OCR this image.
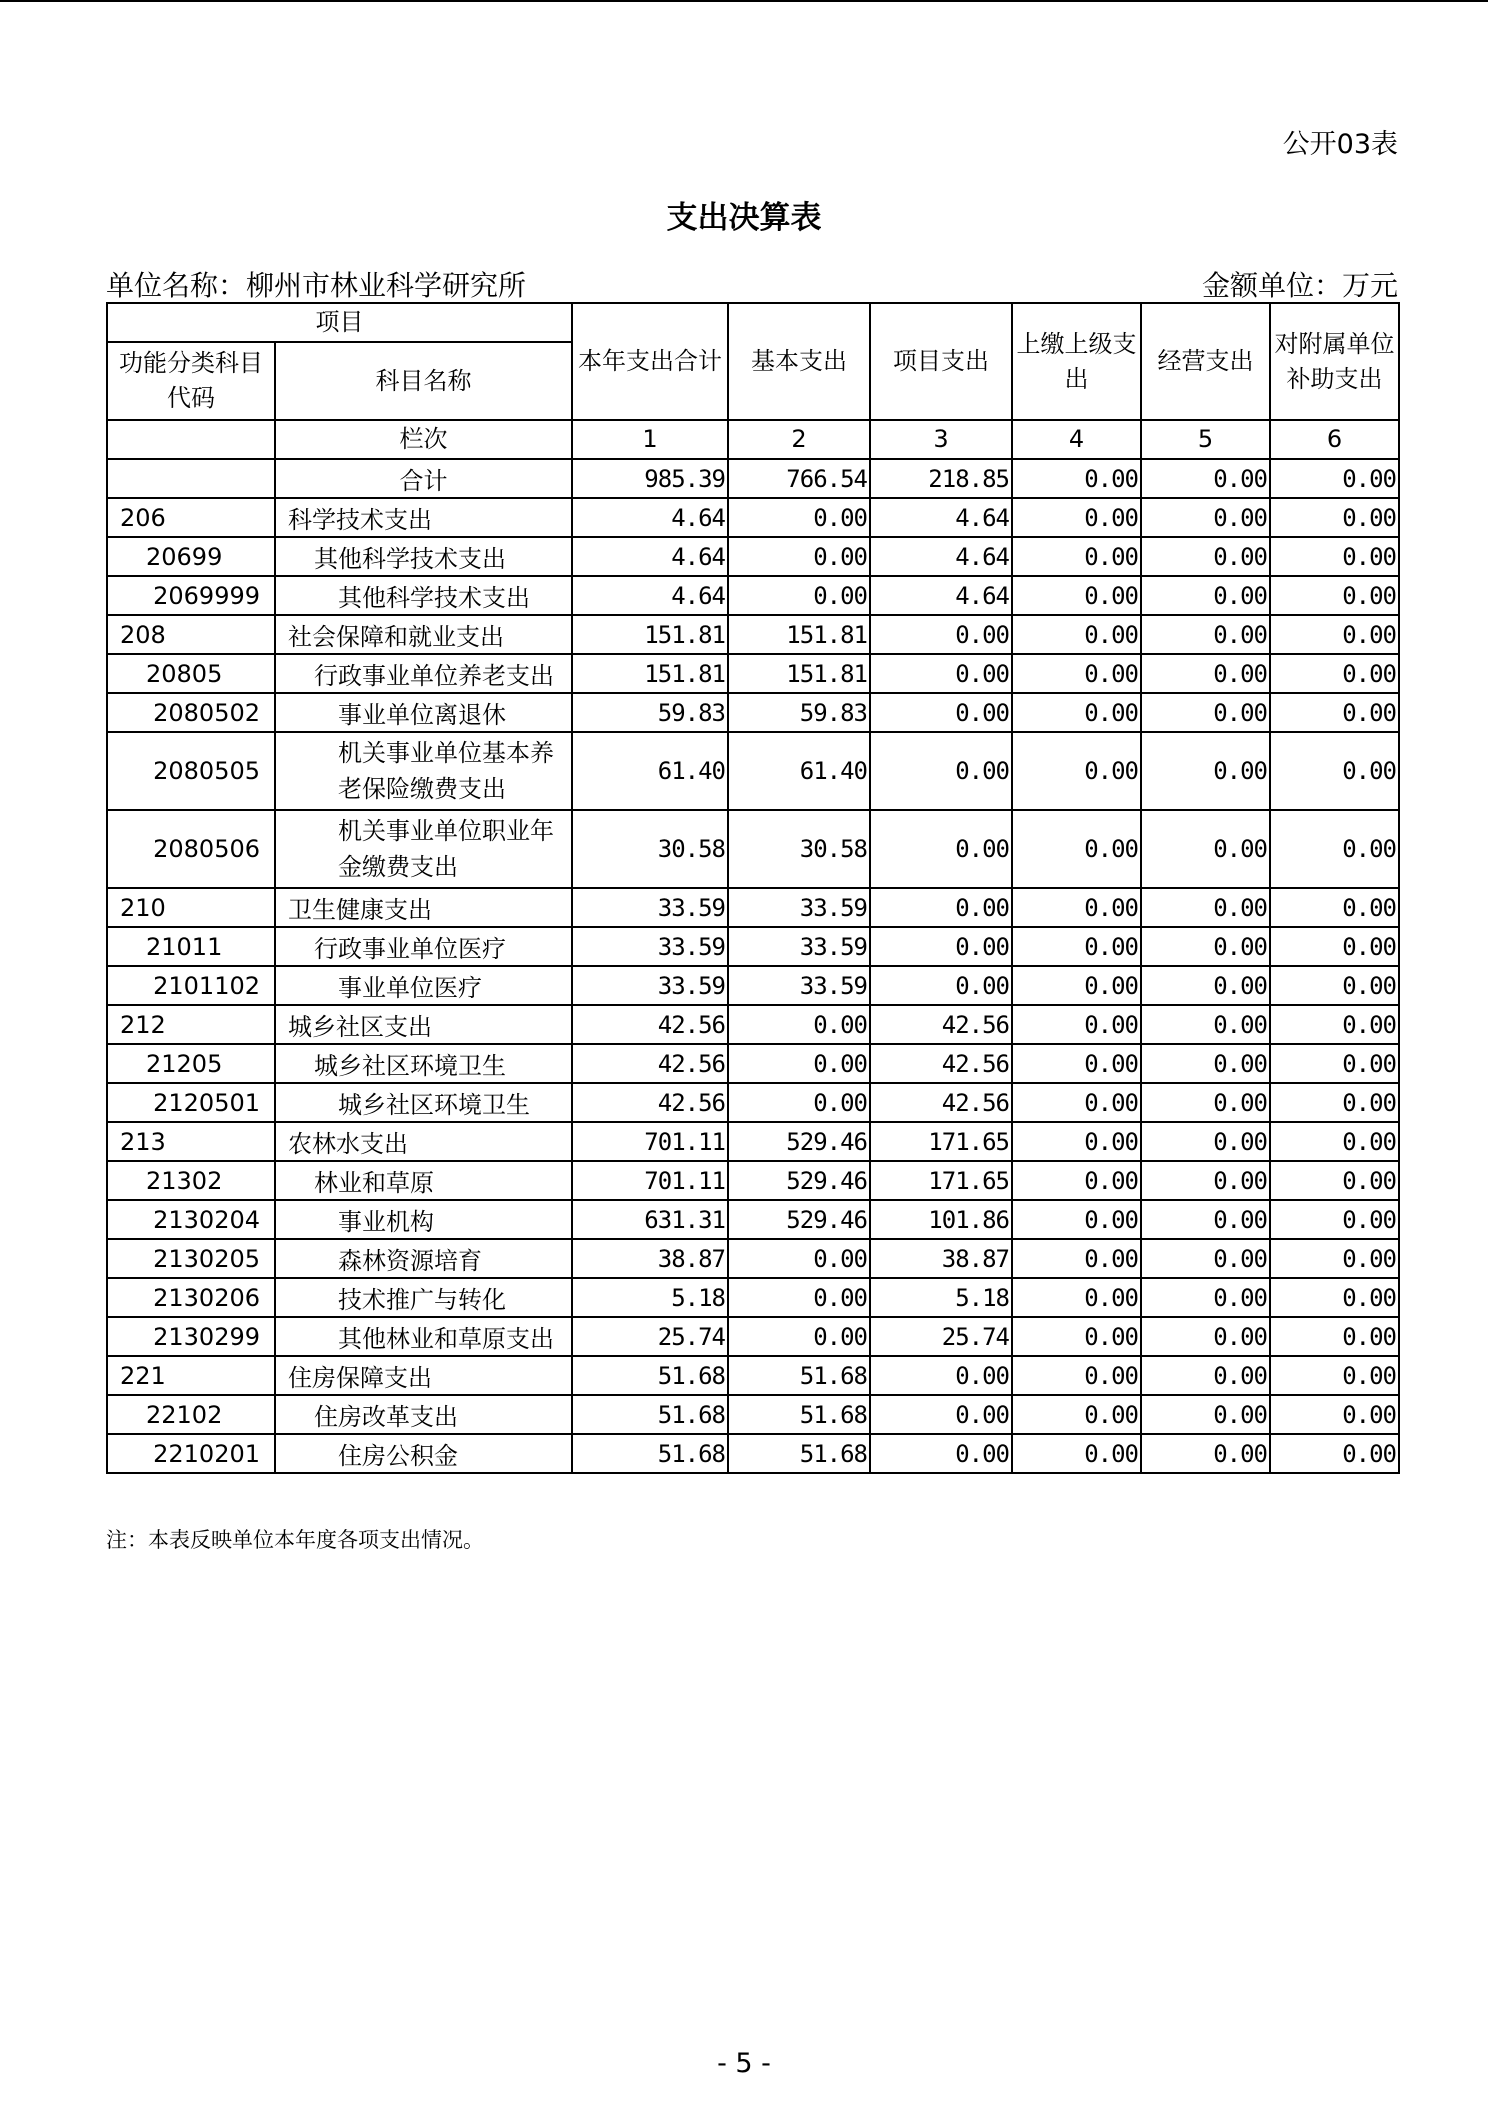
公开03表
支出决算表
单位名称：柳州市林业科学研究所	金额单位：万元
项目		本年支出合计	基本支出	项目支出	上缴上级支出	经营支出	对附属单位补助支出
功能分类科目代码	科目名称						
	栏次	1	2	3	4	5	6
	合计	985.39	766.54	218.85	0.00	0.00	0.00
206	科学技术支出	4.64	0.00	4.64	0.00	0.00	0.00
20699	其他科学技术支出	4.64	0.00	4.64	0.00	0.00	0.00
2069999	其他科学技术支出	4.64	0.00	4.64	0.00	0.00	0.00
208	社会保障和就业支出	151.81	151.81	0.00	0.00	0.00	0.00
20805	行政事业单位养老支出	151.81	151.81	0.00	0.00	0.00	0.00
2080502	事业单位离退休	59.83	59.83	0.00	0.00	0.00	0.00
2080505	机关事业单位基本养老保险缴费支出	61.40	61.40	0.00	0.00	0.00	0.00
2080506	机关事业单位职业年金缴费支出	30.58	30.58	0.00	0.00	0.00	0.00
210	卫生健康支出	33.59	33.59	0.00	0.00	0.00	0.00
21011	行政事业单位医疗	33.59	33.59	0.00	0.00	0.00	0.00
2101102	事业单位医疗	33.59	33.59	0.00	0.00	0.00	0.00
212	城乡社区支出	42.56	0.00	42.56	0.00	0.00	0.00
21205	城乡社区环境卫生	42.56	0.00	42.56	0.00	0.00	0.00
2120501	城乡社区环境卫生	42.56	0.00	42.56	0.00	0.00	0.00
213	农林水支出	701.11	529.46	171.65	0.00	0.00	0.00
21302	林业和草原	701.11	529.46	171.65	0.00	0.00	0.00
2130204	事业机构	631.31	529.46	101.86	0.00	0.00	0.00
2130205	森林资源培育	38.87	0.00	38.87	0.00	0.00	0.00
2130206	技术推广与转化	5.18	0.00	5.18	0.00	0.00	0.00
2130299	其他林业和草原支出	25.74	0.00	25.74	0.00	0.00	0.00
221	住房保障支出	51.68	51.68	0.00	0.00	0.00	0.00
22102	住房改革支出	51.68	51.68	0.00	0.00	0.00	0.00
2210201	住房公积金	51.68	51.68	0.00	0.00	0.00	0.00
注：本表反映单位本年度各项支出情况。
- 5 -
